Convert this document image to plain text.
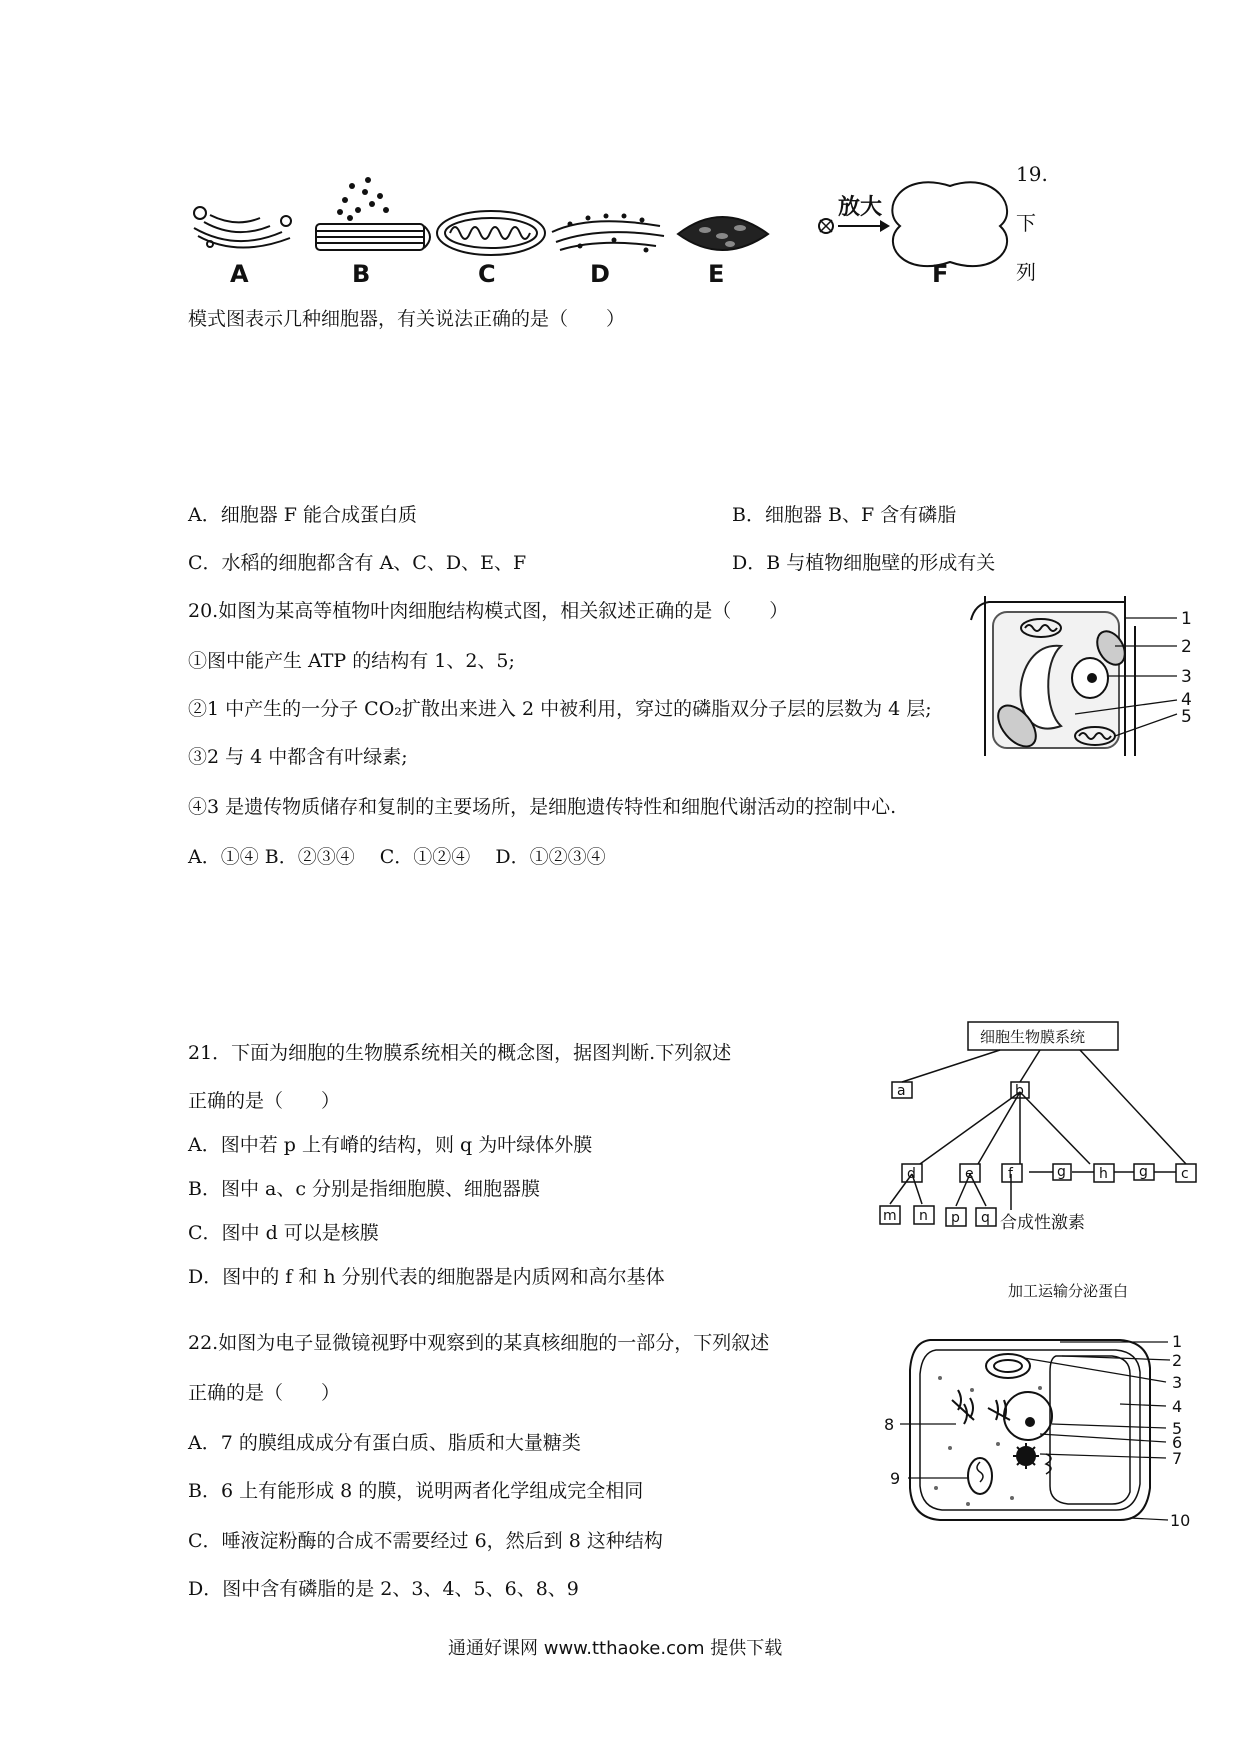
19.
下
列
放大
A	B	C	D	E	F
模式图表示几种细胞器，有关说法正确的是（　　）
A．细胞器 F 能合成蛋白质	B．细胞器 B、F 含有磷脂
C．水稻的细胞都含有 A、C、D、E、F	D．B 与植物细胞壁的形成有关
20.如图为某高等植物叶肉细胞结构模式图，相关叙述正确的是（　　）
①图中能产生 ATP 的结构有 1、2、5;
②1 中产生的一分子 CO₂扩散出来进入 2 中被利用，穿过的磷脂双分子层的层数为 4 层;
③2 与 4 中都含有叶绿素;
④3 是遗传物质储存和复制的主要场所，是细胞遗传特性和细胞代谢活动的控制中心.
A．①④ B．②③④　 C．①②④　 D．①②③④
1
2
3
4
5
21．下面为细胞的生物膜系统相关的概念图，据图判断.下列叙述
正确的是（　　）
A．图中若 p 上有嵴的结构，则 q 为叶绿体外膜
B．图中 a、c 分别是指细胞膜、细胞器膜
C．图中 d 可以是核膜
D．图中的 f 和 h 分别代表的细胞器是内质网和高尔基体
细胞生物膜系统
a	b
c
d	e f	g h g
m n p q 合成性激素
加工运输分泌蛋白
22.如图为电子显微镜视野中观察到的某真核细胞的一部分，下列叙述
正确的是（　　）
A．7 的膜组成成分有蛋白质、脂质和大量糖类
B．6 上有能形成 8 的膜，说明两者化学组成完全相同
C．唾液淀粉酶的合成不需要经过 6，然后到 8 这种结构
D．图中含有磷脂的是 2、3、4、5、6、8、9
1
2
3
4
5
6
7
8
9
10
通通好课网 www.tthaoke.com 提供下载
